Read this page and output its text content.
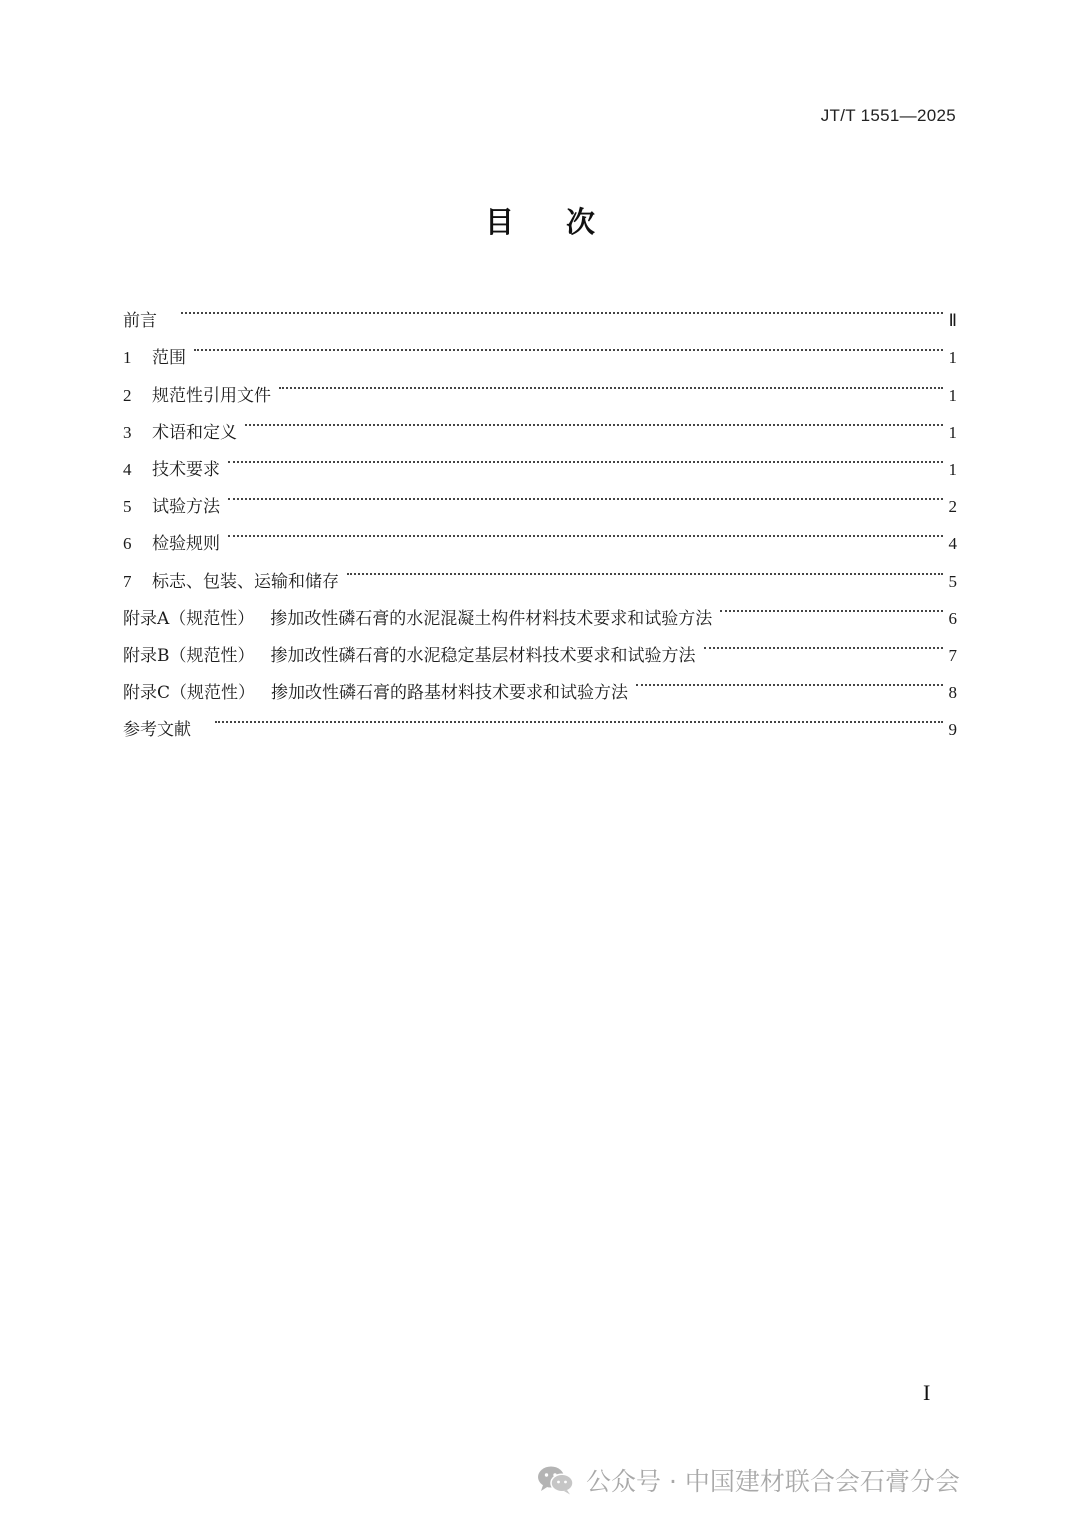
JT/T 1551—2025
目 次
前言	Ⅱ
1	范围	1
2	规范性引用文件	1
3	术语和定义	1
4	技术要求	1
5	试验方法	2
6	检验规则	4
7	标志、包装、运输和储存	5
附录A（规范性） 掺加改性磷石膏的水泥混凝土构件材料技术要求和试验方法	6
附录B（规范性） 掺加改性磷石膏的水泥稳定基层材料技术要求和试验方法	7
附录C（规范性） 掺加改性磷石膏的路基材料技术要求和试验方法	8
参考文献	9
I
公众号 · 中国建材联合会石膏分会
